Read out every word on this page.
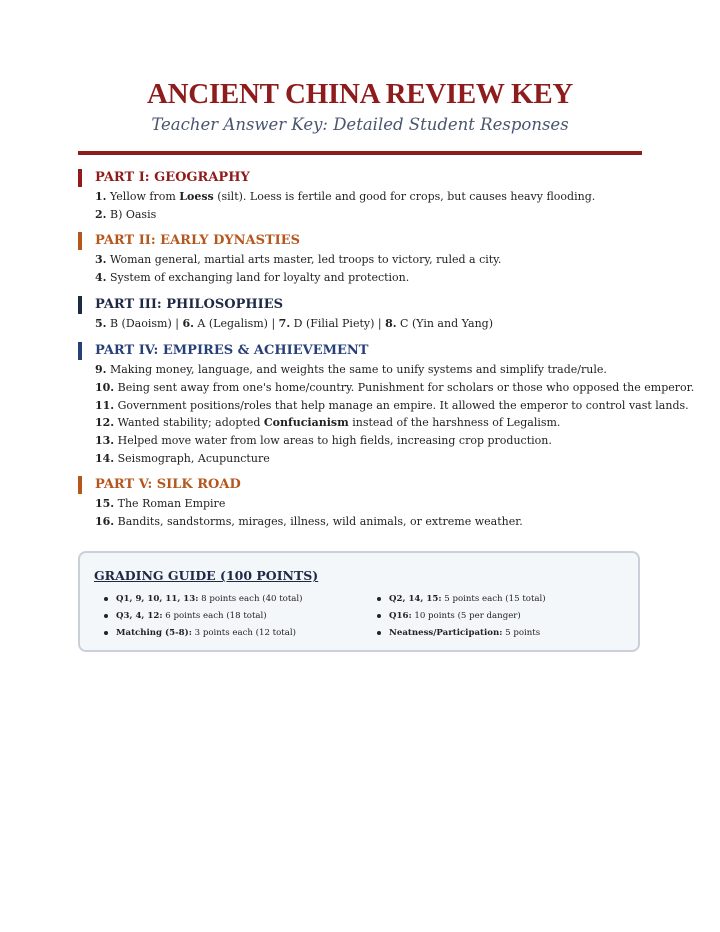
ANCIENT CHINA REVIEW KEY
Teacher Answer Key: Detailed Student Responses
PART I: GEOGRAPHY
1. Yellow from Loess (silt). Loess is fertile and good for crops, but causes heavy flooding.
2. B) Oasis
PART II: EARLY DYNASTIES
3. Woman general, martial arts master, led troops to victory, ruled a city.
4. System of exchanging land for loyalty and protection.
PART III: PHILOSOPHIES
5. B (Daoism) | 6. A (Legalism) | 7. D (Filial Piety) | 8. C (Yin and Yang)
PART IV: EMPIRES & ACHIEVEMENT
9. Making money, language, and weights the same to unify systems and simplify trade/rule.
10. Being sent away from one's home/country. Punishment for scholars or those who opposed the emperor.
11. Government positions/roles that help manage an empire. It allowed the emperor to control vast lands.
12. Wanted stability; adopted Confucianism instead of the harshness of Legalism.
13. Helped move water from low areas to high fields, increasing crop production.
14. Seismograph, Acupuncture
PART V: SILK ROAD
15. The Roman Empire
16. Bandits, sandstorms, mirages, illness, wild animals, or extreme weather.
GRADING GUIDE (100 POINTS)
Q1, 9, 10, 11, 13: 8 points each (40 total)
Q3, 4, 12: 6 points each (18 total)
Matching (5-8): 3 points each (12 total)
Q2, 14, 15: 5 points each (15 total)
Q16: 10 points (5 per danger)
Neatness/Participation: 5 points
